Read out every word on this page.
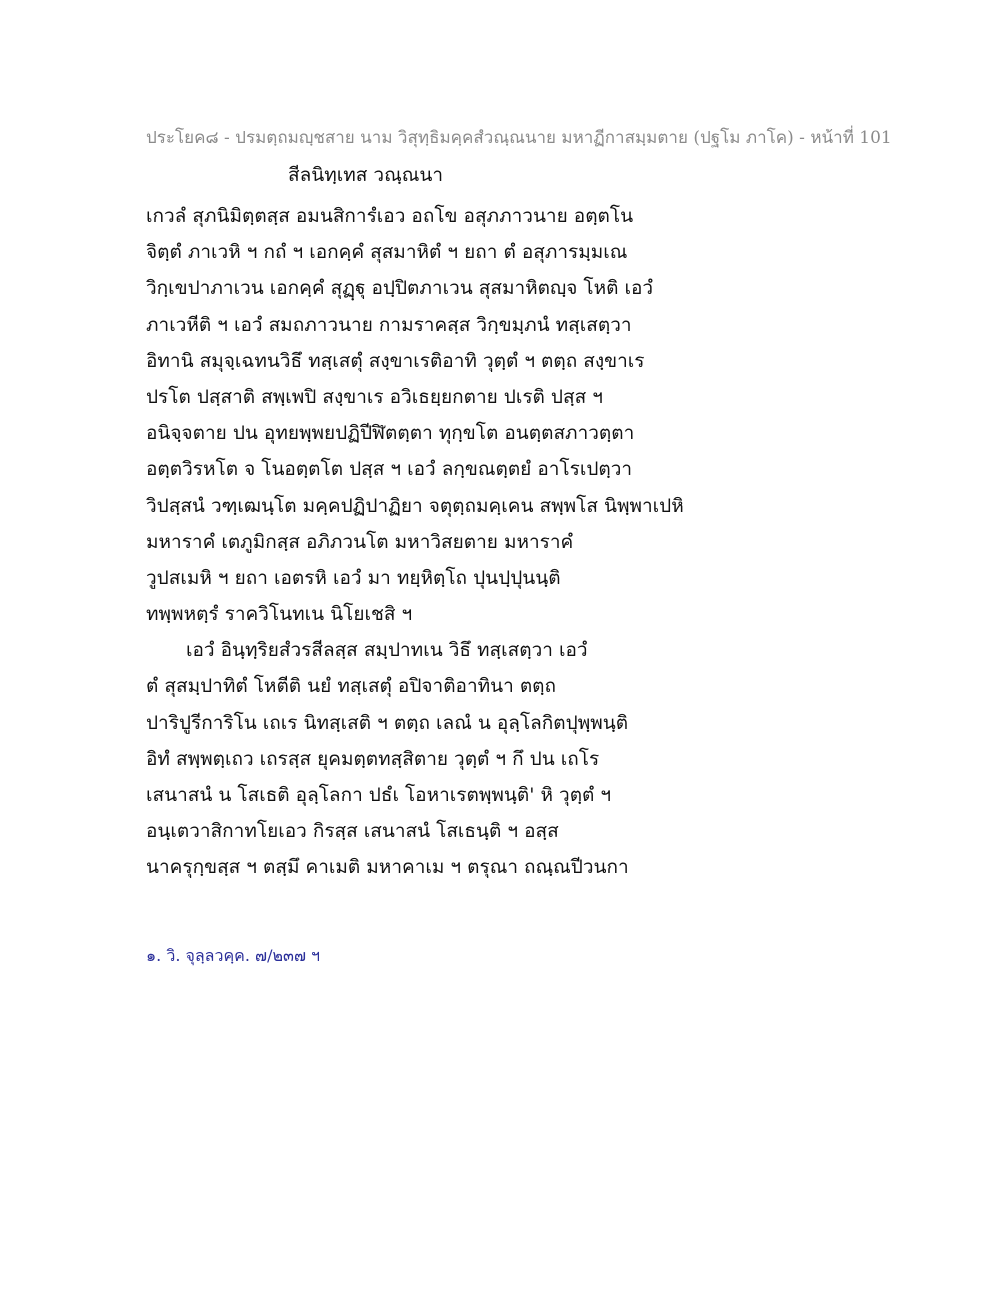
ประโยค๘ - ปรมตฺถมญฺชสาย นาม วิสุทฺธิมคฺคสํวณฺณนาย มหาฏีกาสมฺมตาย (ปฐโม ภาโค) - หน้าที่ 101
สีลนิทฺเทส วณฺณนา
เกวลํ สุภนิมิตฺตสฺส อมนสิการํเอว อถโข อสุภภาวนาย อตฺตโน
จิตฺตํ ภาเวหิ ฯ กถํ ฯ เอกคฺคํ สุสมาหิตํ ฯ ยถา ตํ อสุภารมฺมเณ
วิกฺเขปาภาเวน เอกคฺคํ สุฏฺฐุ อปฺปิตภาเวน สุสมาหิตญฺจ โหติ เอวํ
ภาเวหีติ ฯ เอวํ สมถภาวนาย กามราคสฺส วิกฺขมฺภนํ ทสฺเสตฺวา
อิทานิ สมุจฺเฉทนวิธึ ทสฺเสตุํ สงฺขาเรติอาทิ วุตฺตํ ฯ ตตฺถ สงฺขาเร
ปรโต ปสฺสาติ สพฺเพปิ สงฺขาเร อวิเธยฺยกตาย ปเรติ ปสฺส ฯ
อนิจฺจตาย ปน อุทยพฺพยปฏิปีฬิตตฺตา ทุกฺขโต อนตฺตสภาวตฺตา
อตฺตวิรหโต จ โนอตฺตโต ปสฺส ฯ เอวํ ลกฺขณตฺตยํ อาโรเปตฺวา
วิปสฺสนํ วฑฺเฒนฺโต มคฺคปฏิปาฏิยา จตุตฺถมคฺเคน สพฺพโส นิพฺพาเปหิ
มหาราคํ เตภูมิกสฺส อภิภวนโต มหาวิสยตาย มหาราคํ
วูปสเมหิ ฯ ยถา เอตรหิ เอวํ มา ทยฺหิตฺโถ ปุนปฺปุนนฺติ
ทพฺพหตฺรํ ราควิโนทเน นิโยเชสิ ฯ
เอวํ อินฺทฺริยสํวรสีลสฺส สมฺปาทเน วิธึ ทสฺเสตฺวา เอวํ
ตํ สุสมฺปาทิตํ โหตีติ นยํ ทสฺเสตุํ อปิจาติอาทินา ตตฺถ
ปาริปูรีการิโน เถเร นิทสฺเสติ ฯ ตตฺถ เลณํ น อุลฺโลกิตปุพฺพนฺติ
อิทํ สพฺพตฺเถว เถรสฺส ยุคมตฺตทสฺสิตาย วุตฺตํ ฯ กึ ปน เถโร
เสนาสนํ น โสเธติ อุลฺโลกา ปธํเ โอหาเรตพฺพนฺติ' หิ วุตฺตํ ฯ
อนฺเตวาสิกาทโยเอว กิรสฺส เสนาสนํ โสเธนฺติ ฯ อสฺส
นาครุกฺขสฺส ฯ ตสฺมึ คาเมติ มหาคาเม ฯ ตรุณา ถณฺณปีวนกา
๑. วิ. จุลฺลวคฺค. ๗/๒๓๗ ฯ
